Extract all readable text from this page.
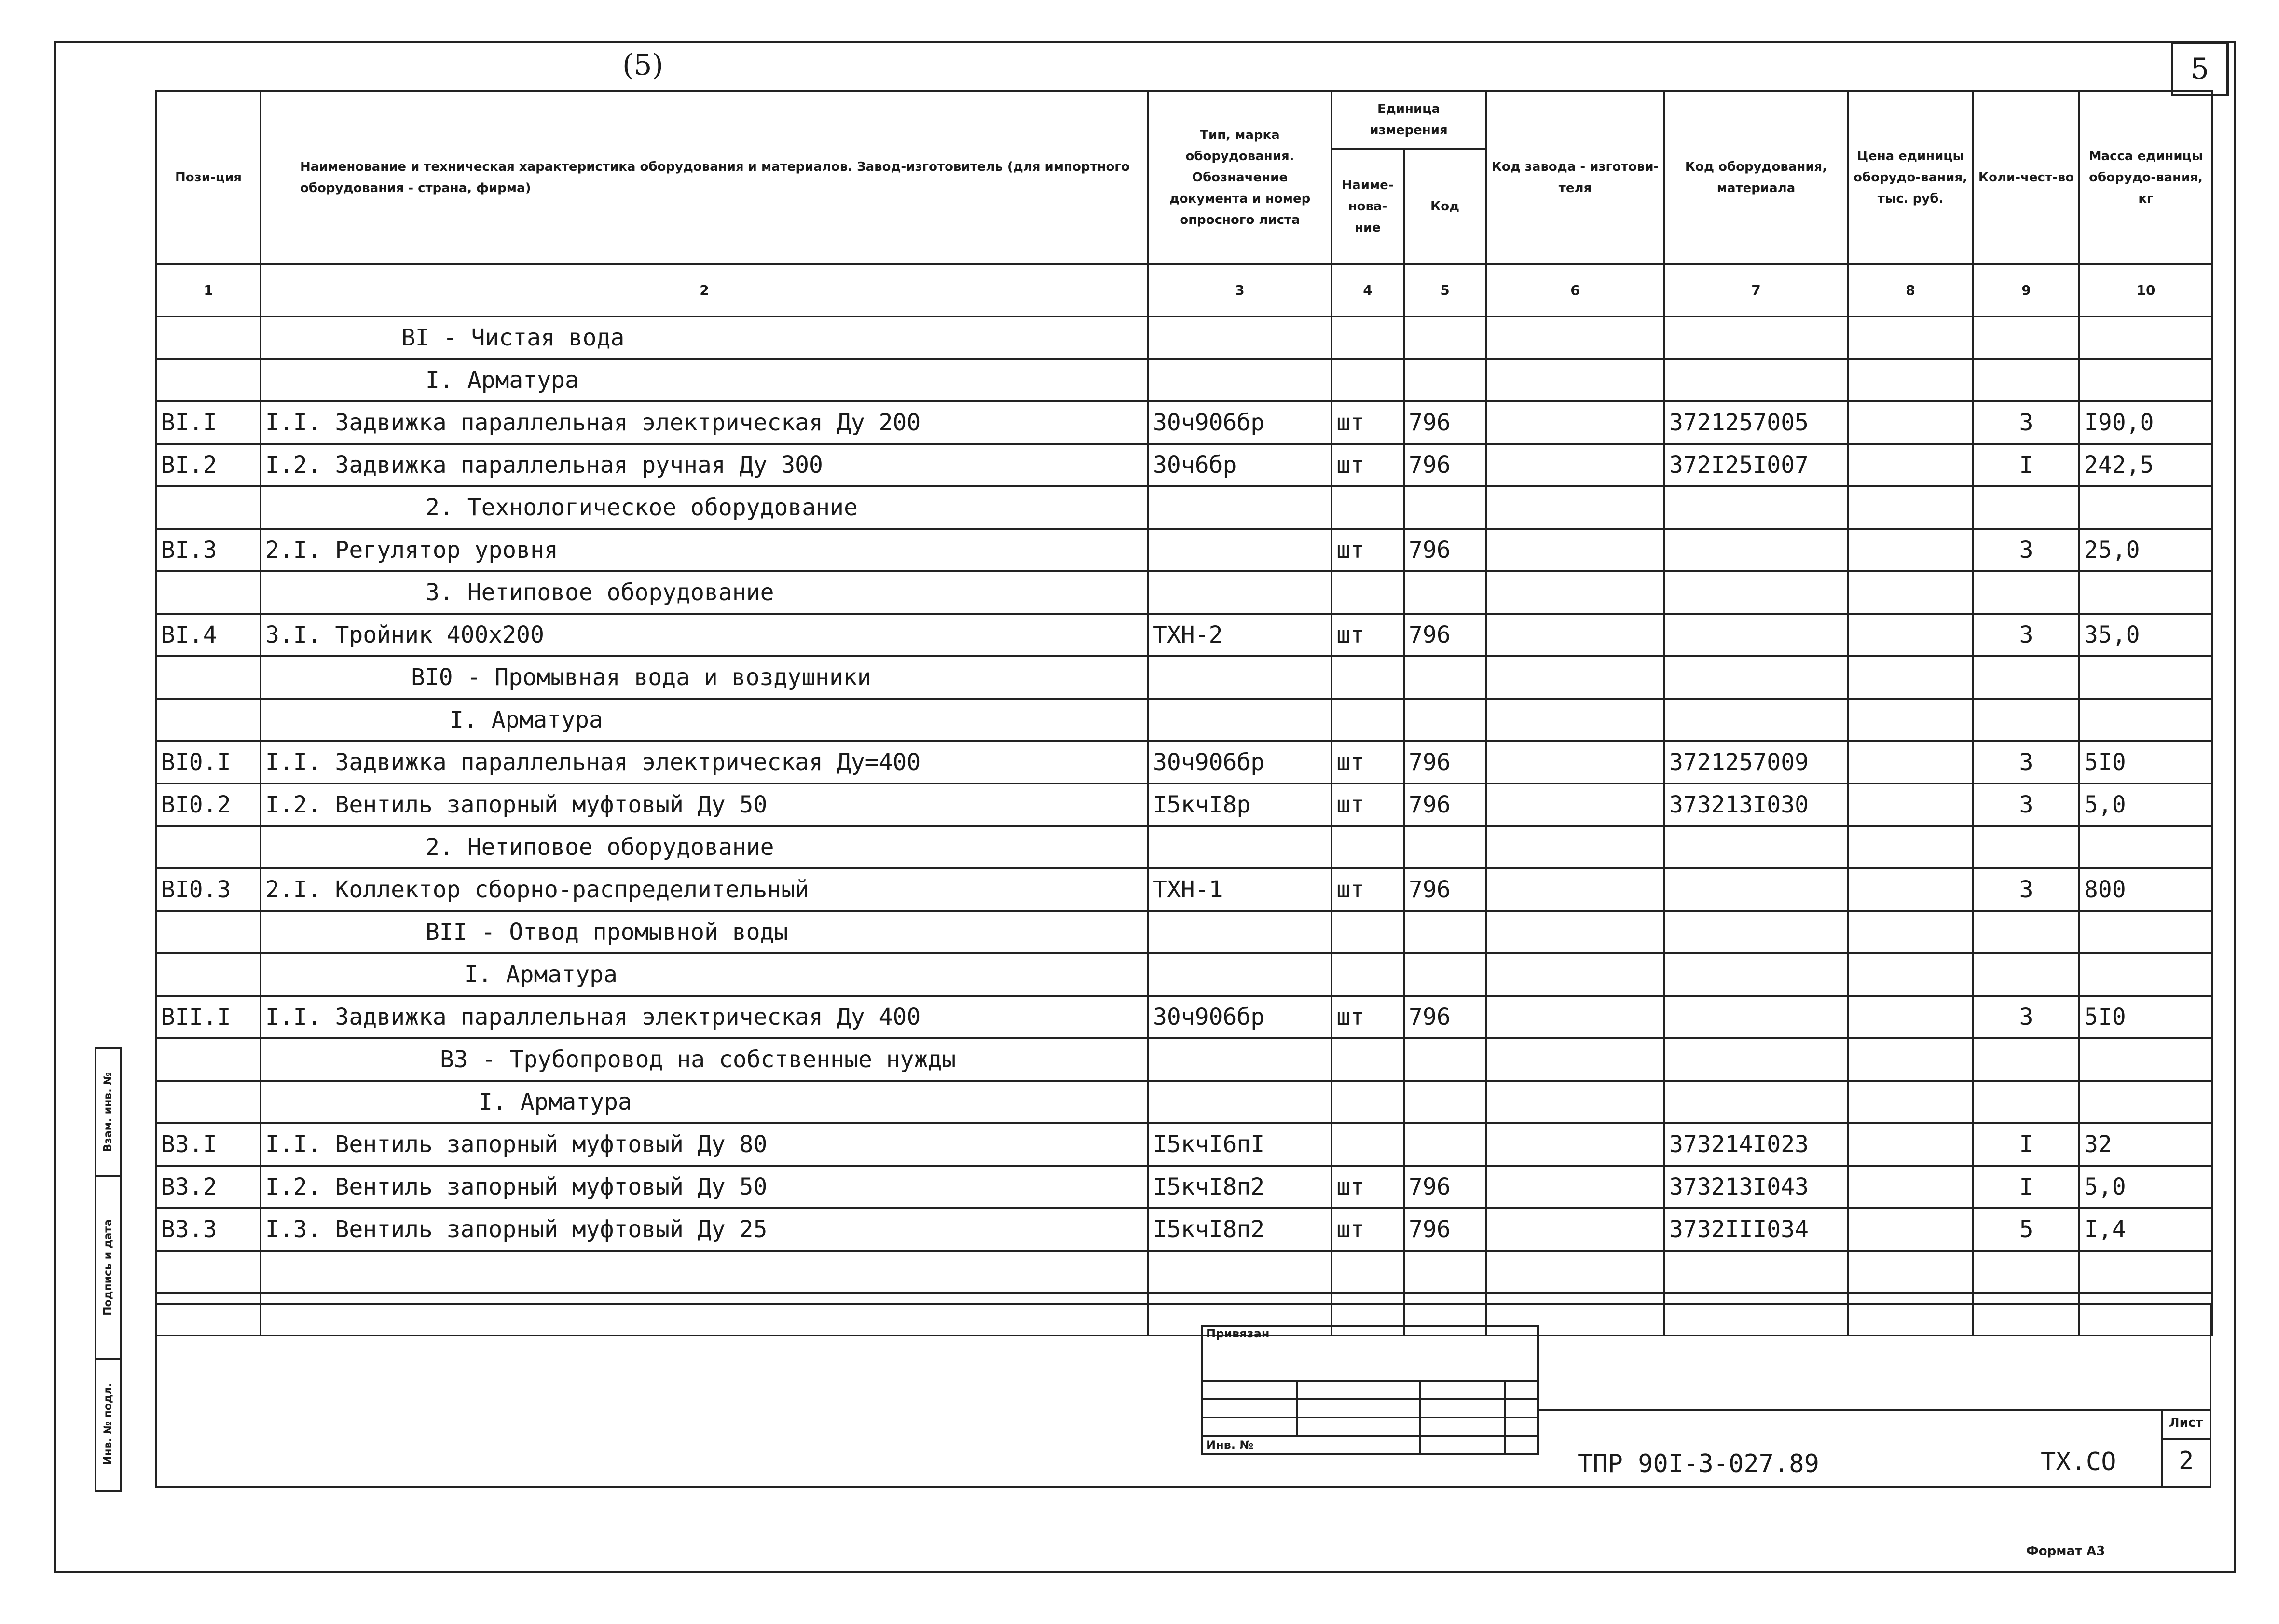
(5)	5
Пози-ция	Наименование и техническая характеристика оборудования и материалов. Завод-изготовитель (для импортного оборудования - страна, фирма)	Тип, марка оборудования. Обозначение документа и номер опросного листа	Единица измерения		Код завода - изготови-теля	Код оборудования, материала	Цена единицы оборудо-вания, тыс. руб.	Коли-чест-во	Масса единицы оборудо-вания, кг
			Наиме-нова-ние	Код					
1	2	3	4	5	6	7	8	9	10
	BI - Чистая вода								
	I. Арматура								
BI.I	I.I. Задвижка параллельная электрическая Ду 200	30ч906бр	шт	796		3721257005		3	I90,0
BI.2	I.2. Задвижка параллельная ручная Ду 300	30ч6бр	шт	796		372I25I007		I	242,5
	2. Технологическое оборудование								
BI.3	2.I. Регулятор уровня		шт	796				3	25,0
	3. Нетиповое оборудование								
BI.4	3.I. Тройник 400х200	ТХН-2	шт	796				3	35,0
	BI0 - Промывная вода и воздушники								
	I. Арматура								
BI0.I	I.I. Задвижка параллельная электрическая Ду=400	30ч906бр	шт	796		3721257009		3	5I0
BI0.2	I.2. Вентиль запорный муфтовый Ду 50	I5кчI8р	шт	796		373213I030		3	5,0
	2. Нетиповое оборудование								
BI0.3	2.I. Коллектор сборно-распределительный	ТХН-1	шт	796				3	800
	BII - Отвод промывной воды								
	I. Арматура								
BII.I	I.I. Задвижка параллельная электрическая Ду 400	30ч906бр	шт	796				3	5I0
	B3 - Трубопровод на собственные нужды								
	I. Арматура								
B3.I	I.I. Вентиль запорный муфтовый Ду 80	I5кчI6пI				373214I023		I	32
B3.2	I.2. Вентиль запорный муфтовый Ду 50	I5кчI8п2	шт	796		373213I043		I	5,0
B3.3	I.3. Вентиль запорный муфтовый Ду 25	I5кчI8п2	шт	796		3732III034		5	I,4

Взам. инв. №
Подпись и дата
Инв. № подл.
Привязан			

Инв. №			
ТПР 90I-3-027.89	ТХ.СО
Лист
2
Формат А3
